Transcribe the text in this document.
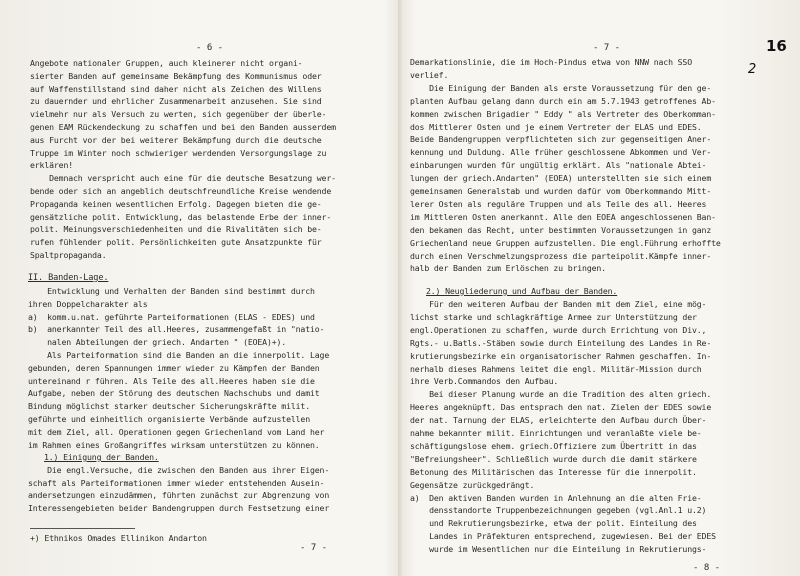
- 6 -
Angebote nationaler Gruppen, auch kleinerer nicht organi-
sierter Banden auf gemeinsame Bekämpfung des Kommunismus oder
auf Waffenstillstand sind daher nicht als Zeichen des Willens
zu dauernder und ehrlicher Zusammenarbeit anzusehen. Sie sind
vielmehr nur als Versuch zu werten, sich gegenüber der überle-
genen EAM Rückendeckung zu schaffen und bei den Banden ausserdem
aus Furcht vor der bei weiterer Bekämpfung durch die deutsche
Truppe im Winter noch schwieriger werdenden Versorgungslage zu
erklären!
Demnach verspricht auch eine für die deutsche Besatzung wer-
bende oder sich an angeblich deutschfreundliche Kreise wendende
Propaganda keinen wesentlichen Erfolg. Dagegen bieten die ge-
gensätzliche polit. Entwicklung, das belastende Erbe der inner-
polit. Meinungsverschiedenheiten und die Rivalitäten sich be-
rufen fühlender polit. Persönlichkeiten gute Ansatzpunkte für
Spaltpropaganda.
II. Banden-Lage.
Entwicklung und Verhalten der Banden sind bestimmt durch
ihren Doppelcharakter als
a)  komm.u.nat. geführte Parteiformationen (ELAS - EDES) und
b)  anerkannter Teil des all.Heeres, zusammengefaßt in "natio-
nalen Abteilungen der griech. Andarten " (EOEA)+).
Als Parteiformation sind die Banden an die innerpolit. Lage
gebunden, deren Spannungen immer wieder zu Kämpfen der Banden
untereinand r führen. Als Teile des all.Heeres haben sie die
Aufgabe, neben der Störung des deutschen Nachschubs und damit
Bindung möglichst starker deutscher Sicherungskräfte milit.
geführte und einheitlich organisierte Verbände aufzustellen
mit dem Ziel, all. Operationen gegen Griechenland vom Land her
im Rahmen eines Großangriffes wirksam unterstützen zu können.
1.) Einigung der Banden.
Die engl.Versuche, die zwischen den Banden aus ihrer Eigen-
schaft als Parteiformationen immer wieder entstehenden Ausein-
andersetzungen einzudämmen, führten zunächst zur Abgrenzung von
Interessengebieten beider Bandengruppen durch Festsetzung einer
+) Ethnikos Omades Ellinikon Andarton
- 7 -
- 7 -	16
2
Demarkationslinie, die im Hoch-Pindus etwa von NNW nach SSO
verlief.
Die Einigung der Banden als erste Voraussetzung für den ge-
planten Aufbau gelang dann durch ein am 5.7.1943 getroffenes Ab-
kommen zwischen Brigadier " Eddy " als Vertreter des Oberkomman-
dos Mittlerer Osten und je einem Vertreter der ELAS und EDES.
Beide Bandengruppen verpflichteten sich zur gegenseitigen Aner-
kennung und Duldung. Alle früher geschlossene Abkommen und Ver-
einbarungen wurden für ungültig erklärt. Als "nationale Abtei-
lungen der griech.Andarten" (EOEA) unterstellten sie sich einem
gemeinsamen Generalstab und wurden dafür vom Oberkommando Mitt-
lerer Osten als reguläre Truppen und als Teile des all. Heeres
im Mittleren Osten anerkannt. Alle den EOEA angeschlossenen Ban-
den bekamen das Recht, unter bestimmten Voraussetzungen in ganz
Griechenland neue Gruppen aufzustellen. Die engl.Führung erhoffte
durch einen Verschmelzungsprozess die parteipolit.Kämpfe inner-
halb der Banden zum Erlöschen zu bringen.
2.) Neugliederung und Aufbau der Banden.
Für den weiteren Aufbau der Banden mit dem Ziel, eine mög-
lichst starke und schlagkräftige Armee zur Unterstützung der
engl.Operationen zu schaffen, wurde durch Errichtung von Div.,
Rgts.- u.Batls.-Stäben sowie durch Einteilung des Landes in Re-
krutierungsbezirke ein organisatorischer Rahmen geschaffen. In-
nerhalb dieses Rahmens leitet die engl. Militär-Mission durch
ihre Verb.Commandos den Aufbau.
Bei dieser Planung wurde an die Tradition des alten griech.
Heeres angeknüpft. Das entsprach den nat. Zielen der EDES sowie
der nat. Tarnung der ELAS, erleichterte den Aufbau durch Über-
nahme bekannter milit. Einrichtungen und veranlaßte viele be-
schäftigungslose ehem. griech.Offiziere zum Übertritt in das
"Befreiungsheer". Schließlich wurde durch die damit stärkere
Betonung des Militärischen das Interesse für die innerpolit.
Gegensätze zurückgedrängt.
a)  Den aktiven Banden wurden in Anlehnung an die alten Frie-
densstandorte Truppenbezeichnungen gegeben (vgl.Anl.1 u.2)
und Rekrutierungsbezirke, etwa der polit. Einteilung des
Landes in Präfekturen entsprechend, zugewiesen. Bei der EDES
wurde im Wesentlichen nur die Einteilung in Rekrutierungs-
- 8 -
